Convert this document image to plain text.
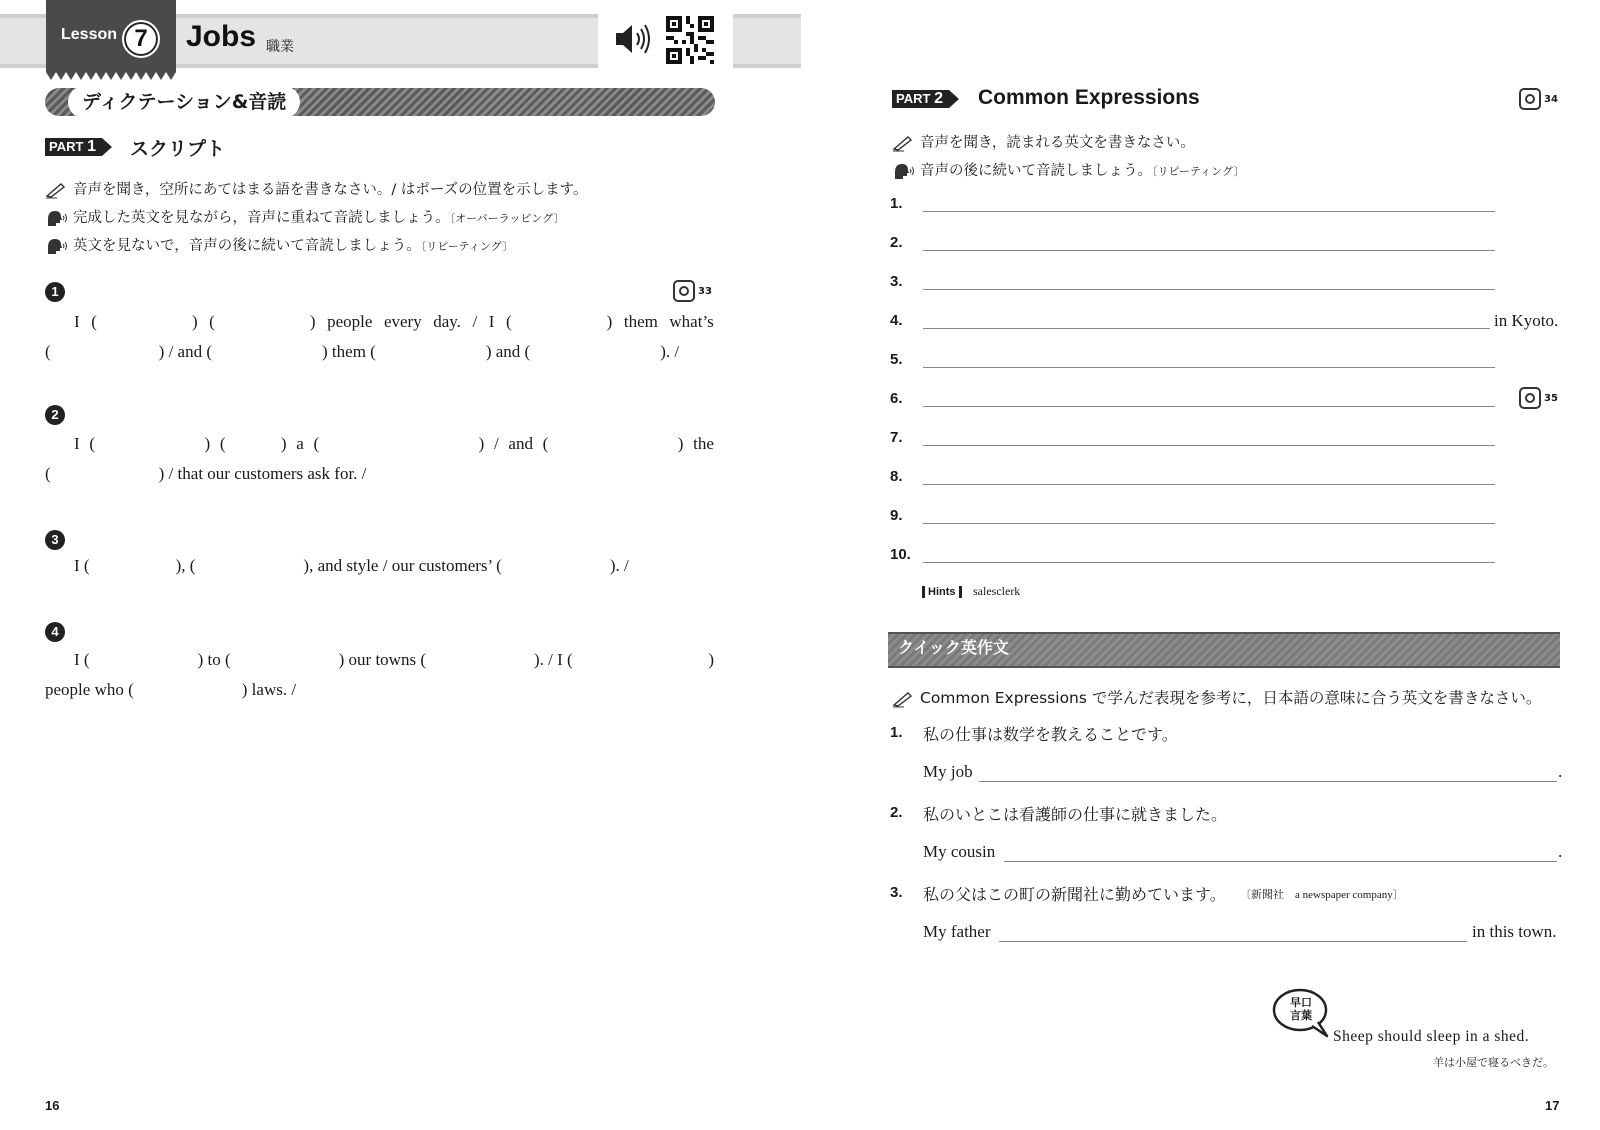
Lesson 7	Jobs 職業
ディクテーション&音読
PART 1	スクリプト
音声を聞き，空所にあてはまる語を書きなさい。/ はポーズの位置を示します。
完成した英文を見ながら，音声に重ねて音読しましょう。〔オーバーラッピング〕
英文を見ないで，音声の後に続いて音読しましょう。〔リピーティング〕
33
1
I (	) (	) people every day. / I (	) them what’s
(	) / and (	) them (	) and (	). /
2
I (	) (	) a (	) / and (	) the
(	) / that our customers ask for. /
3
I (	), (	), and style / our customers’ (	). /
4
I (	) to (	) our towns (	). / I (	)
people who (	) laws. /
16
PART 2 Common Expressions	34
音声を聞き，読まれる英文を書きなさい。
音声の後に続いて音読しましょう。〔リピーティング〕
1.
2.
3.
4.	in Kyoto.
5.
6.	35
7.
8.
9.
10.
Hints salesclerk
クイック英作文
Common Expressions で学んだ表現を参考に，日本語の意味に合う英文を書きなさい。
1. 私の仕事は数学を教えることです。
My job	.
2. 私のいとこは看護師の仕事に就きました。
My cousin	.
3. 私の父はこの町の新聞社に勤めています。 〔新聞社　a newspaper company〕
My father	in this town.
早口
言葉
Sheep should sleep in a shed.
羊は小屋で寝るべきだ。
17
